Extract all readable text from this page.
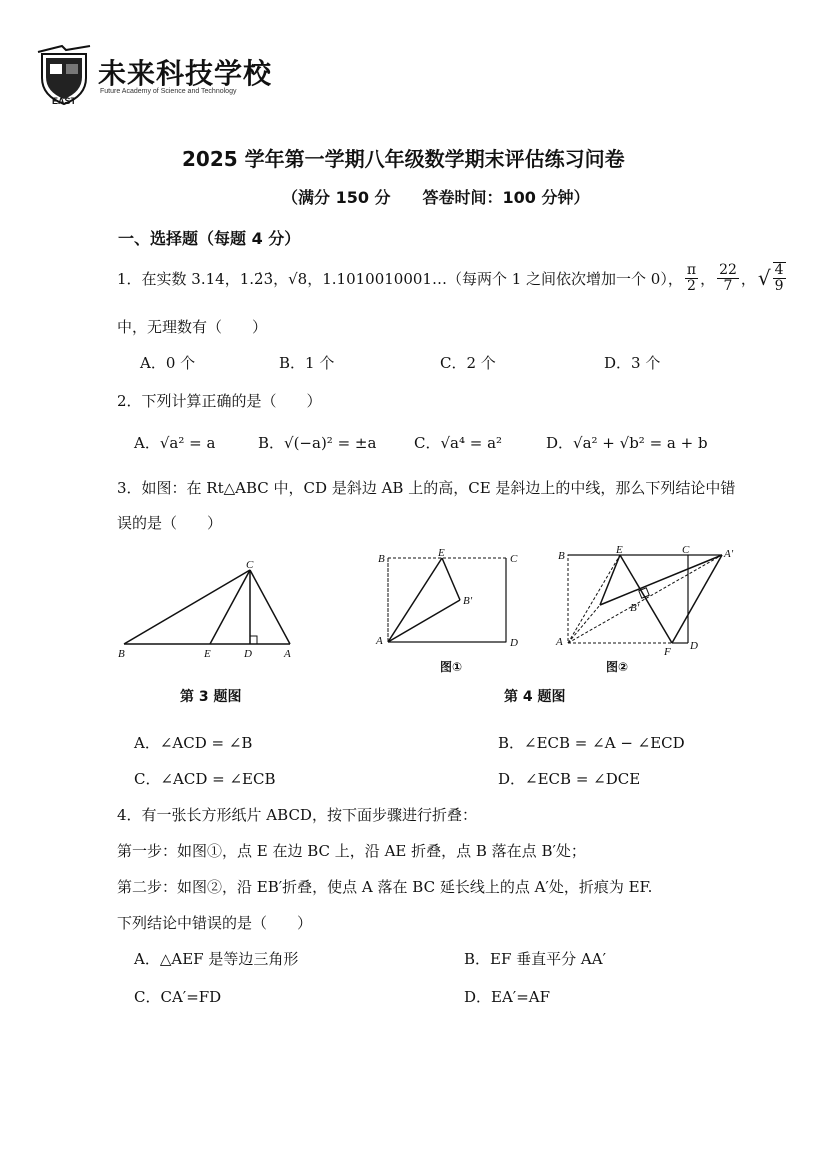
未来科技学校
Future Academy of Science and Technology
EAST
2025 学年第一学期八年级数学期末评估练习问卷
（满分 150 分　　答卷时间：100 分钟）
一、选择题（每题 4 分）
1．在实数 3.14，1.2̇3̇，√8，1.1010010001…（每两个 1 之间依次增加一个 0）， $\frac{\pi}{2}$ ， $\frac{22}{7}$ ， √ $\frac{4}{9}$
中，无理数有（　　）
A．0 个	B．1 个	C．2 个	D．3 个
2．下列计算正确的是（　　）
A．√a² = a	B．√(−a)² = ±a	C．√a⁴ = a²	D．√a² + √b² = a + b
3．如图：在 Rt△ABC 中，CD 是斜边 AB 上的高，CE 是斜边上的中线，那么下列结论中错
误的是（　　）
C
B	E	D	A
第 3 题图
B	E	C
B′
A	D
图①
B	E	C	A′
B′
A
F D
图②
第 4 题图
A．∠ACD = ∠B	B．∠ECB = ∠A − ∠ECD
C．∠ACD = ∠ECB	D．∠ECB = ∠DCE
4．有一张长方形纸片 ABCD，按下面步骤进行折叠：
第一步：如图①，点 E 在边 BC 上，沿 AE 折叠，点 B 落在点 B′处；
第二步：如图②，沿 EB′折叠，使点 A 落在 BC 延长线上的点 A′处，折痕为 EF.
下列结论中错误的是（　　）
A．△AEF 是等边三角形	B．EF 垂直平分 AA′
C．CA′=FD	D．EA′=AF
